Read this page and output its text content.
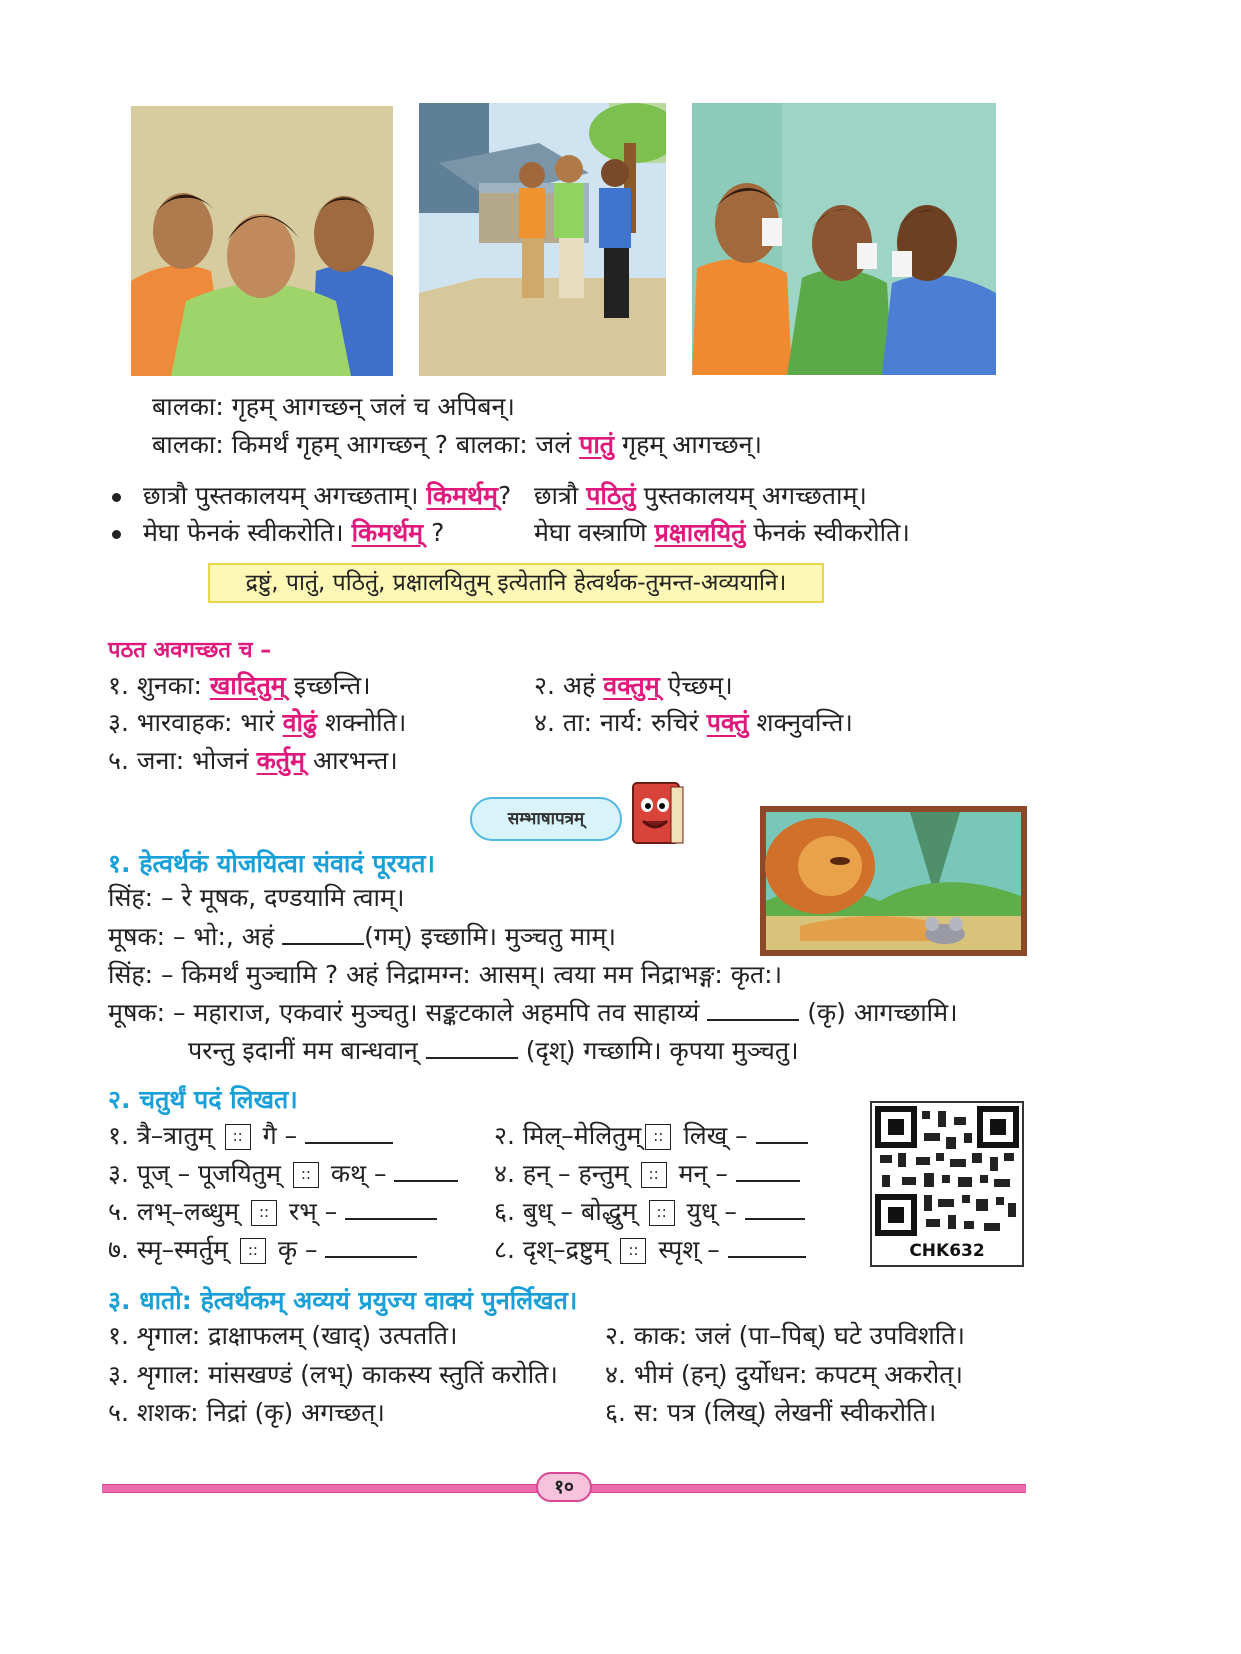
बालका: गृहम् आगच्छन् जलं च अपिबन्।
बालका: किमर्थं गृहम् आगच्छन् ? बालका: जलं पातुं गृहम् आगच्छन्।
छात्रौ पुस्तकालयम् अगच्छताम्। किमर्थम्? छात्रौ पठितुं पुस्तकालयम् अगच्छताम्।
मेघा फेनकं स्वीकरोति। किमर्थम् ?	मेघा वस्त्राणि प्रक्षालयितुं फेनकं स्वीकरोति।
द्रष्टुं, पातुं, पठितुं, प्रक्षालयितुम् इत्येतानि हेत्वर्थक-तुमन्त-अव्ययानि।
पठत अवगच्छत च –
१. शुनका: खादितुम् इच्छन्ति।	२. अहं वक्तुम् ऐच्छम्।
३. भारवाहक: भारं वोढुं शक्नोति।	४. ता: नार्य: रुचिरं पक्तुं शक्नुवन्ति।
५. जना: भोजनं कर्तुम् आरभन्त।
सम्भाषापत्रम्
१. हेत्वर्थकं योजयित्वा संवादं पूरयत।
सिंह: – रे मूषक, दण्डयामि त्वाम्।
मूषक: – भो:, अहं	(गम्) इच्छामि। मुञ्चतु माम्।
सिंह: – किमर्थं मुञ्चामि ? अहं निद्रामग्न: आसम्। त्वया मम निद्राभङ्ग: कृत:।
मूषक: – महाराज, एकवारं मुञ्चतु। सङ्कटकाले अहमपि तव साहाय्यं	(कृ) आगच्छामि।
परन्तु इदानीं मम बान्धवान्	(दृश्) गच्छामि। कृपया मुञ्चतु।
२. चतुर्थं पदं लिखत।
१. त्रै–त्रातुम् :: गै –	२. मिल्–मेलितुम् :: लिख् –
३. पूज् – पूजयितुम् :: कथ् –	४. हन् – हन्तुम् :: मन् –
५. लभ्–लब्धुम् :: रभ् –	६. बुध् – बोद्धुम् :: युध् –
७. स्मृ–स्मर्तुम् :: कृ –	८. दृश्–द्रष्टुम् :: स्पृश् –	CHK632
३. धातो: हेत्वर्थकम् अव्ययं प्रयुज्य वाक्यं पुनर्लिखत।
१. शृगाल: द्राक्षाफलम् (खाद्) उत्पतति।	२. काक: जलं (पा–पिब्) घटे उपविशति।
३. शृगाल: मांसखण्डं (लभ्) काकस्य स्तुतिं करोति। ४. भीमं (हन्) दुर्योधन: कपटम् अकरोत्।
५. शशक: निद्रां (कृ) अगच्छत्।	६. स: पत्र (लिख्) लेखनीं स्वीकरोति।
१०
